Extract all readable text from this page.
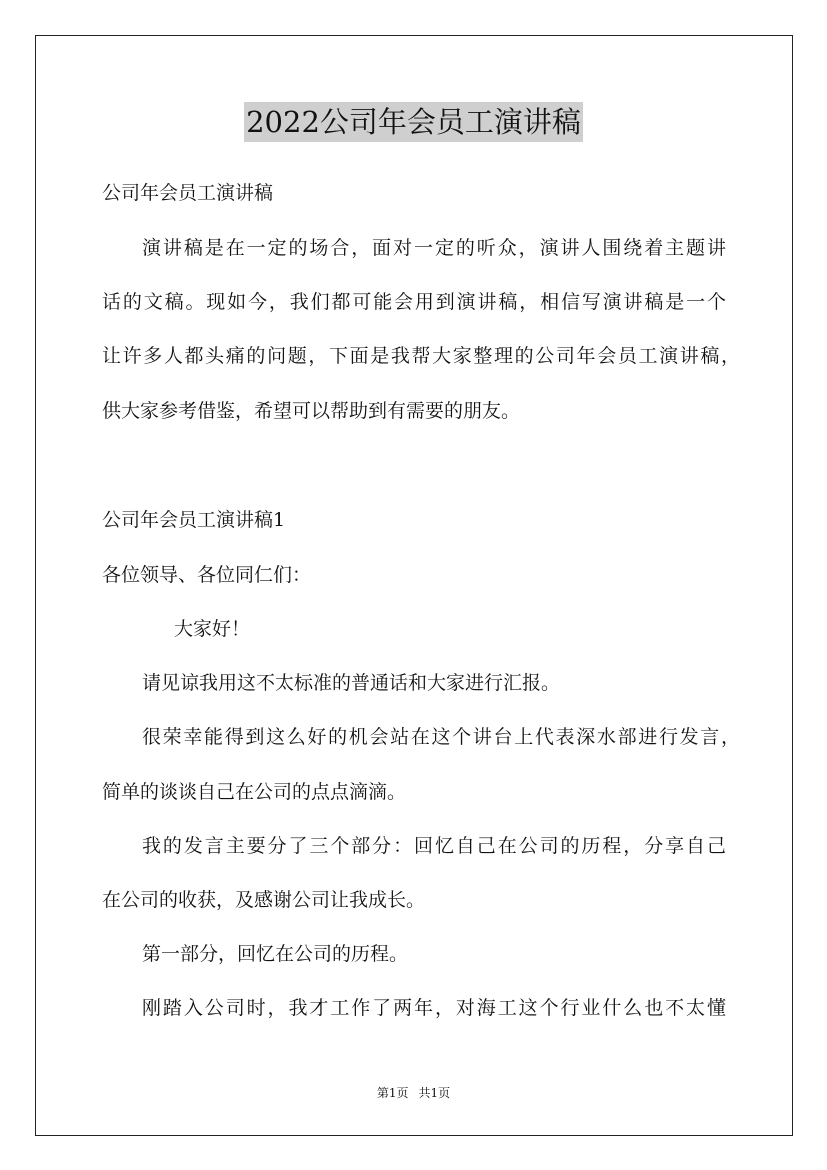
2022公司年会员工演讲稿
公司年会员工演讲稿
演讲稿是在一定的场合，面对一定的听众，演讲人围绕着主题讲
话的文稿。现如今，我们都可能会用到演讲稿，相信写演讲稿是一个
让许多人都头痛的问题，下面是我帮大家整理的公司年会员工演讲稿，
供大家参考借鉴，希望可以帮助到有需要的朋友。
公司年会员工演讲稿1
各位领导、各位同仁们：
大家好！
请见谅我用这不太标准的普通话和大家进行汇报。
很荣幸能得到这么好的机会站在这个讲台上代表深水部进行发言，
简单的谈谈自己在公司的点点滴滴。
我的发言主要分了三个部分：回忆自己在公司的历程，分享自己
在公司的收获，及感谢公司让我成长。
第一部分，回忆在公司的历程。
刚踏入公司时，我才工作了两年，对海工这个行业什么也不太懂
第1页 共1页
